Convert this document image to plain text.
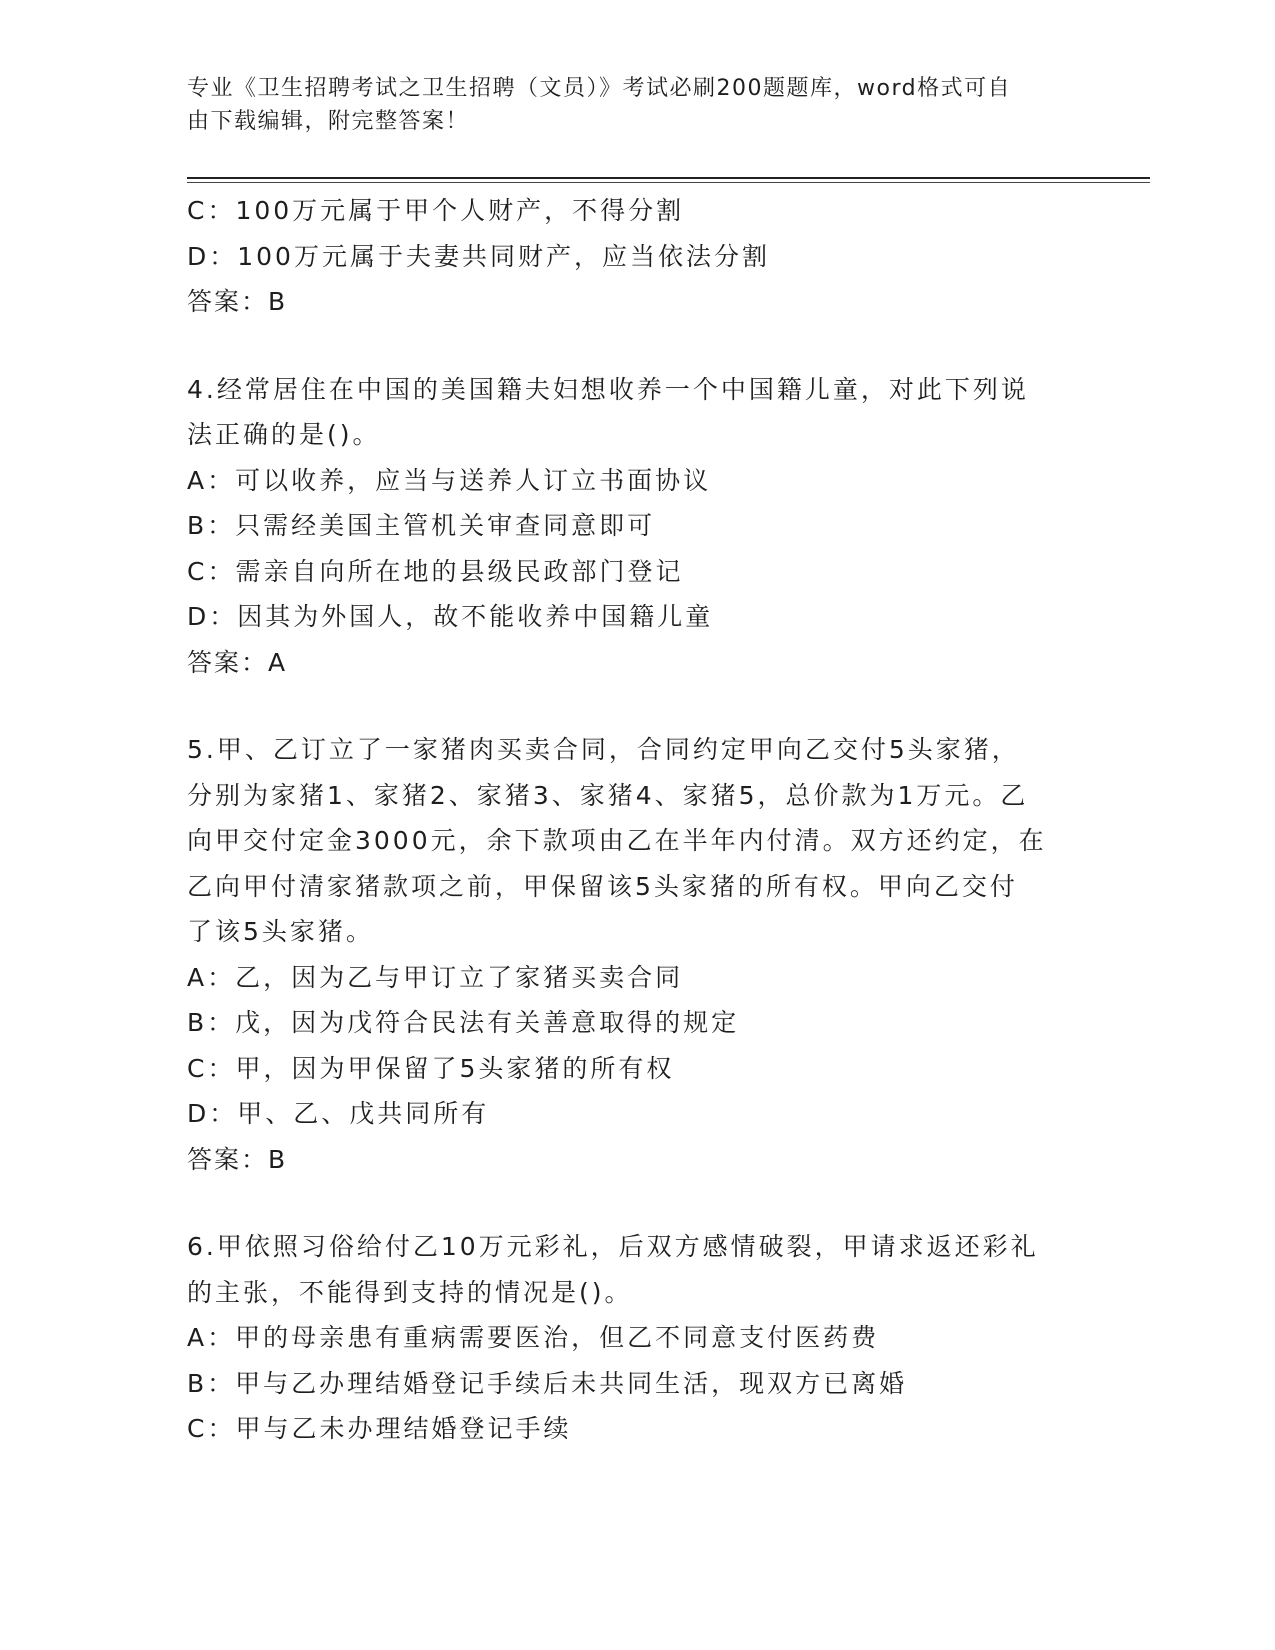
专业《卫生招聘考试之卫生招聘（文员）》考试必刷200题题库，word格式可自
由下载编辑，附完整答案！
C：100万元属于甲个人财产，不得分割
D：100万元属于夫妻共同财产，应当依法分割
答案：B
4.经常居住在中国的美国籍夫妇想收养一个中国籍儿童，对此下列说
法正确的是()。
A：可以收养，应当与送养人订立书面协议
B：只需经美国主管机关审查同意即可
C：需亲自向所在地的县级民政部门登记
D：因其为外国人，故不能收养中国籍儿童
答案：A
5.甲、乙订立了一家猪肉买卖合同，合同约定甲向乙交付5头家猪，
分别为家猪1、家猪2、家猪3、家猪4、家猪5，总价款为1万元。乙
向甲交付定金3000元，余下款项由乙在半年内付清。双方还约定，在
乙向甲付清家猪款项之前，甲保留该5头家猪的所有权。甲向乙交付
了该5头家猪。
A：乙，因为乙与甲订立了家猪买卖合同
B：戊，因为戊符合民法有关善意取得的规定
C：甲，因为甲保留了5头家猪的所有权
D：甲、乙、戊共同所有
答案：B
6.甲依照习俗给付乙10万元彩礼，后双方感情破裂，甲请求返还彩礼
的主张，不能得到支持的情况是()。
A：甲的母亲患有重病需要医治，但乙不同意支付医药费
B：甲与乙办理结婚登记手续后未共同生活，现双方已离婚
C：甲与乙未办理结婚登记手续
